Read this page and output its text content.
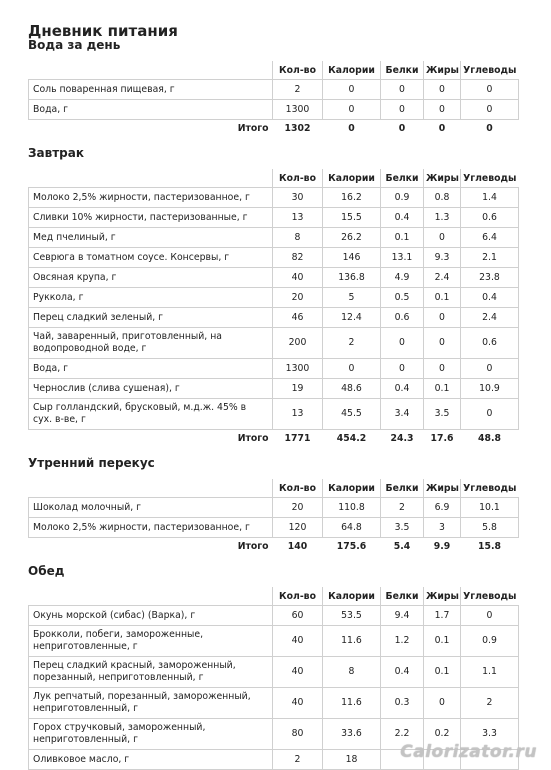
Дневник питания
Вода за день
	Кол-во	Калории	Белки	Жиры	Углеводы
Соль поваренная пищевая, г	2	0	0	0	0
Вода, г	1300	0	0	0	0
Итого	1302	0	0	0	0
Завтрак
	Кол-во	Калории	Белки	Жиры	Углеводы
Молоко 2,5% жирности, пастеризованное, г	30	16.2	0.9	0.8	1.4
Сливки 10% жирности, пастеризованные, г	13	15.5	0.4	1.3	0.6
Мед пчелиный, г	8	26.2	0.1	0	6.4
Севрюга в томатном соусе. Консервы, г	82	146	13.1	9.3	2.1
Овсяная крупа, г	40	136.8	4.9	2.4	23.8
Руккола, г	20	5	0.5	0.1	0.4
Перец сладкий зеленый, г	46	12.4	0.6	0	2.4
Чай, заваренный, приготовленный, на водопроводной воде, г	200	2	0	0	0.6
Вода, г	1300	0	0	0	0
Чернослив (слива сушеная), г	19	48.6	0.4	0.1	10.9
Сыр голландский, брусковый, м.д.ж. 45% в сух. в-ве, г	13	45.5	3.4	3.5	0
Итого	1771	454.2	24.3	17.6	48.8
Утренний перекус
	Кол-во	Калории	Белки	Жиры	Углеводы
Шоколад молочный, г	20	110.8	2	6.9	10.1
Молоко 2,5% жирности, пастеризованное, г	120	64.8	3.5	3	5.8
Итого	140	175.6	5.4	9.9	15.8
Обед
	Кол-во	Калории	Белки	Жиры	Углеводы
Окунь морской (сибас) (Варка), г	60	53.5	9.4	1.7	0
Брокколи, побеги, замороженные, неприготовленные, г	40	11.6	1.2	0.1	0.9
Перец сладкий красный, замороженный, порезанный, неприготовленный, г	40	8	0.4	0.1	1.1
Лук репчатый, порезанный, замороженный, неприготовленный, г	40	11.6	0.3	0	2
Горох стручковый, замороженный, неприготовленный, г	80	33.6	2.2	0.2	3.3
Оливковое масло, г	2	18				Calorizator.ru
